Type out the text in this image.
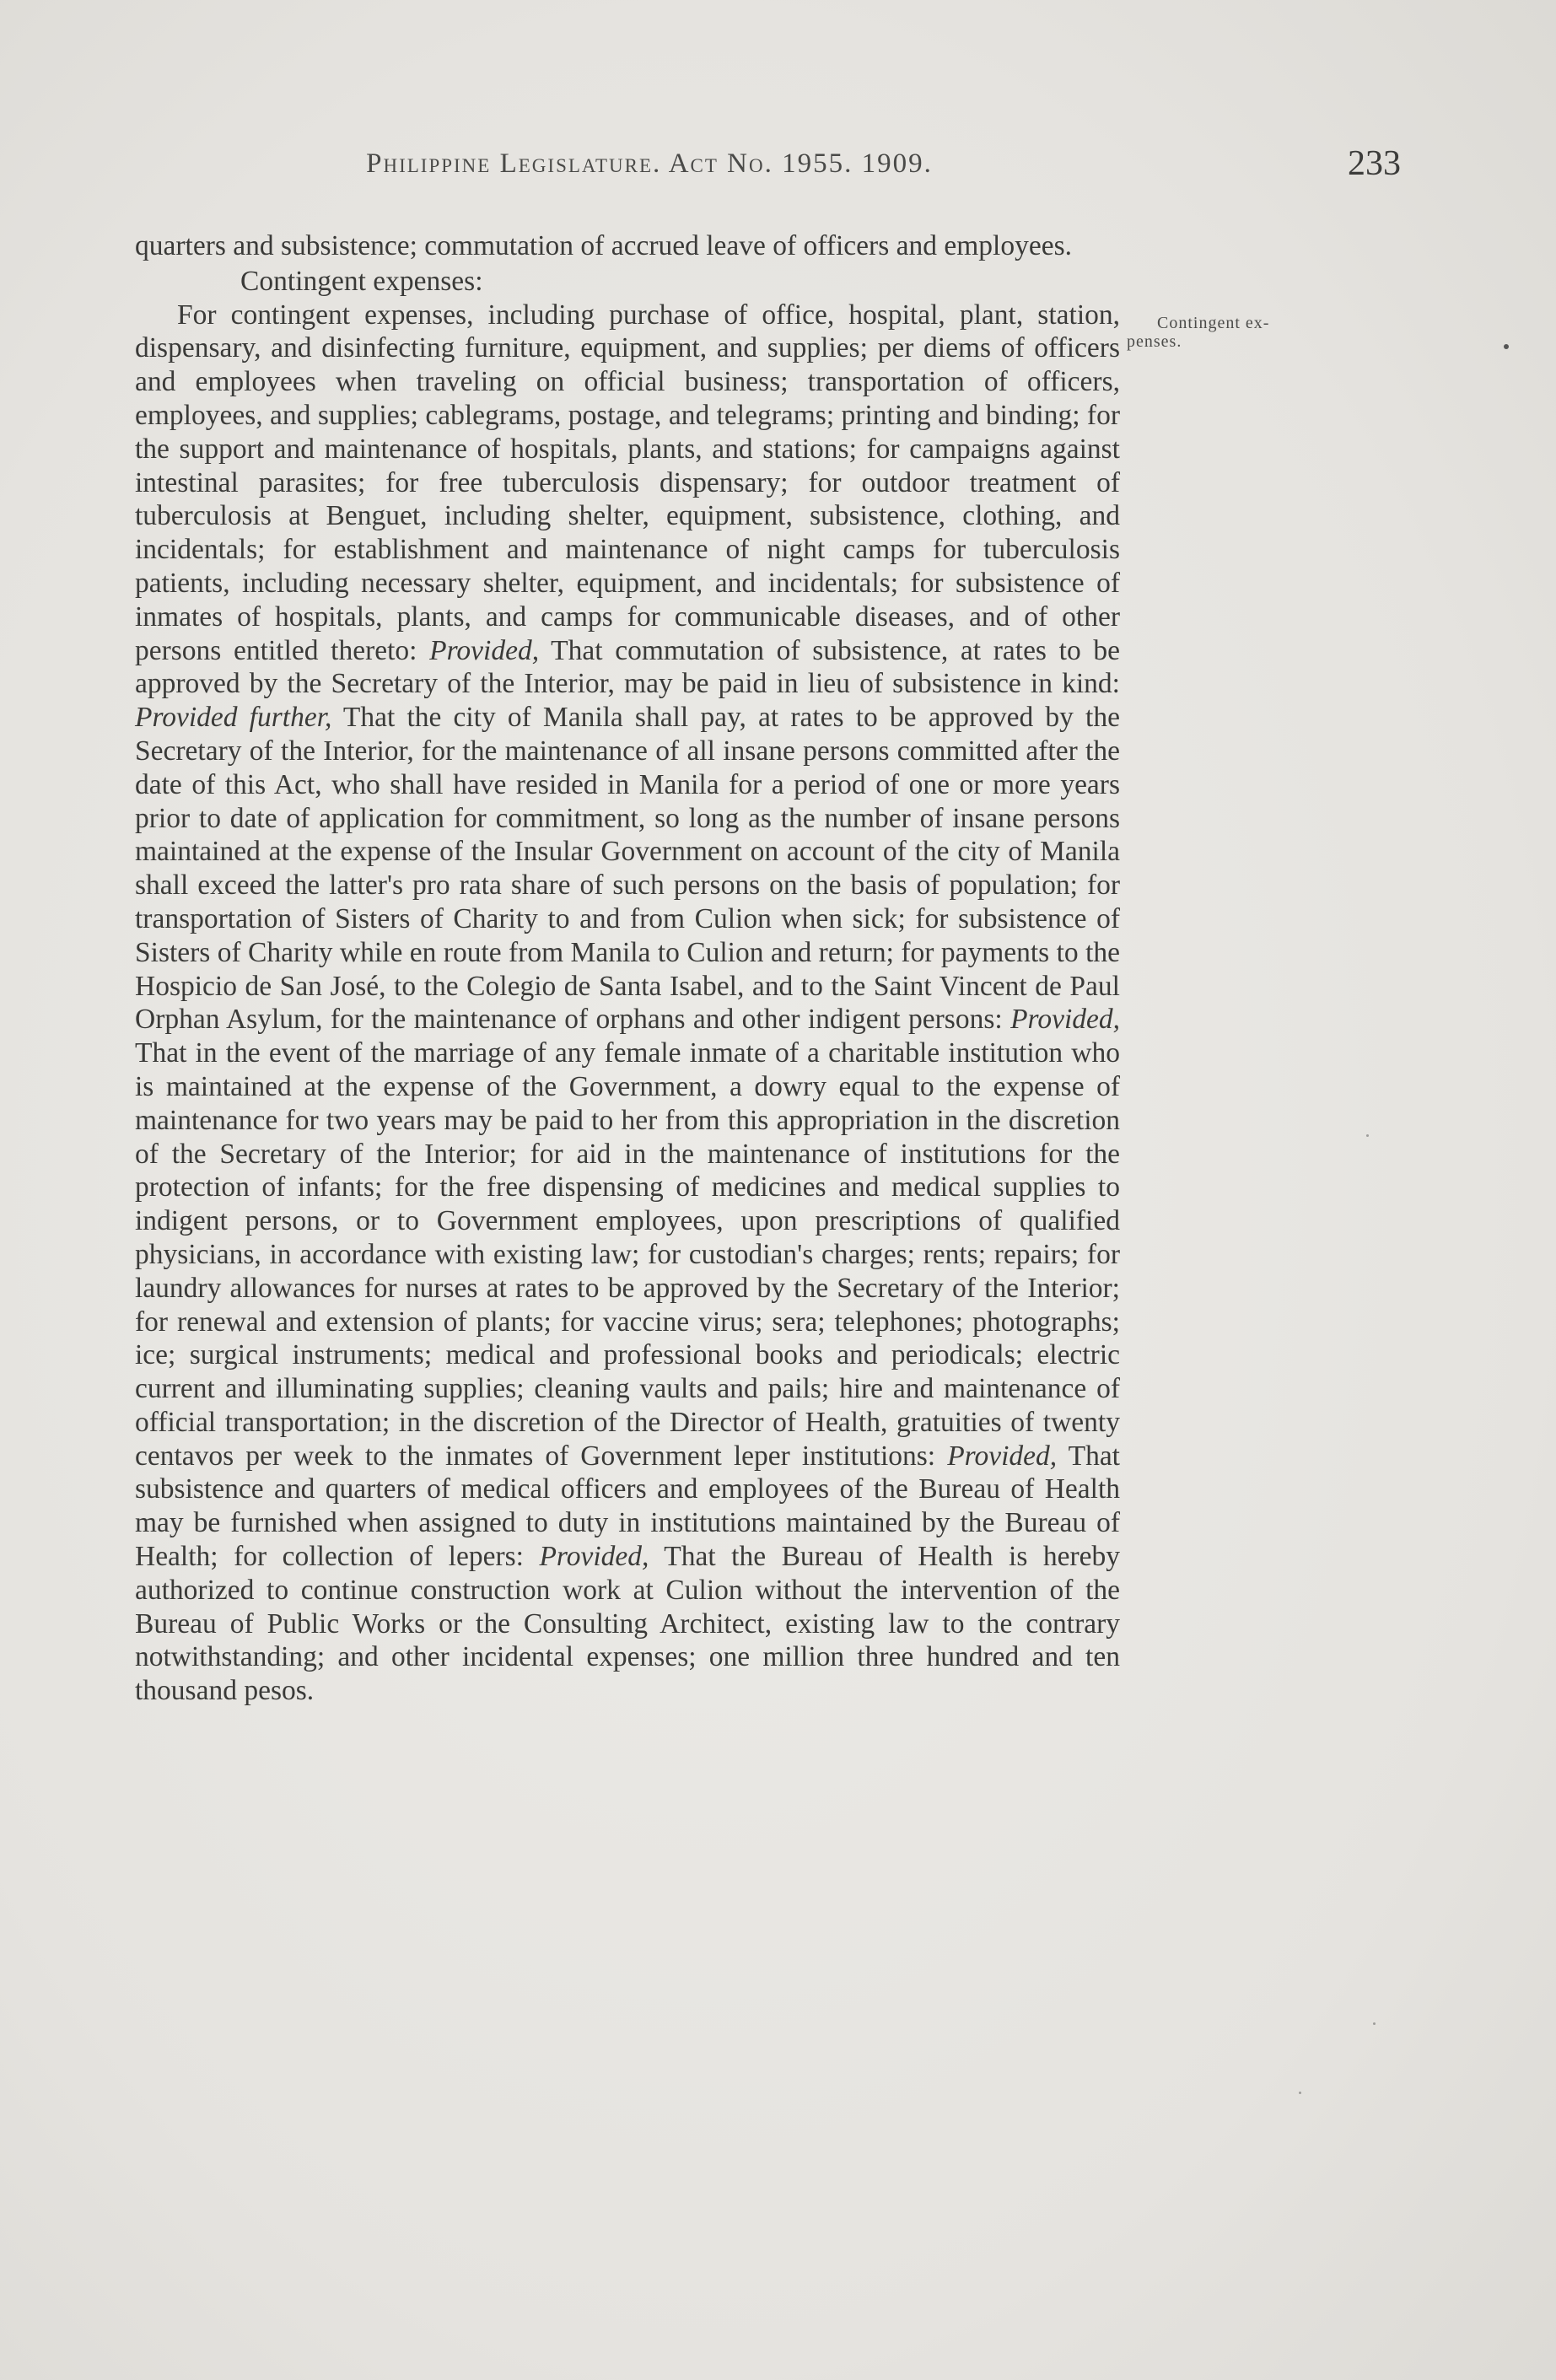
Philippine Legislature. Act No. 1955. 1909.	233
Contingent ex-
penses.

quarters and subsistence; commutation of accrued leave of officers and employees.

Contingent expenses:

For contingent expenses, including purchase of office, hospital, plant, station, dispensary, and disinfecting furniture, equipment, and supplies; per diems of officers and employees when traveling on official business; transportation of officers, employees, and supplies; cablegrams, postage, and telegrams; printing and binding; for the support and maintenance of hospitals, plants, and stations; for campaigns against intestinal parasites; for free tuberculosis dispensary; for outdoor treatment of tuberculosis at Benguet, including shelter, equipment, subsistence, clothing, and incidentals; for establishment and maintenance of night camps for tuberculosis patients, including necessary shelter, equipment, and incidentals; for subsistence of inmates of hospitals, plants, and camps for communicable diseases, and of other persons entitled thereto: Provided, That commutation of subsistence, at rates to be approved by the Secretary of the Interior, may be paid in lieu of subsistence in kind: Provided further, That the city of Manila shall pay, at rates to be approved by the Secretary of the Interior, for the maintenance of all insane persons committed after the date of this Act, who shall have resided in Manila for a period of one or more years prior to date of application for commitment, so long as the number of insane persons maintained at the expense of the Insular Government on account of the city of Manila shall exceed the latter's pro rata share of such persons on the basis of population; for transportation of Sisters of Charity to and from Culion when sick; for subsistence of Sisters of Charity while en route from Manila to Culion and return; for payments to the Hospicio de San José, to the Colegio de Santa Isabel, and to the Saint Vincent de Paul Orphan Asylum, for the maintenance of orphans and other indigent persons: Provided, That in the event of the marriage of any female inmate of a charitable institution who is maintained at the expense of the Government, a dowry equal to the expense of maintenance for two years may be paid to her from this appropriation in the discretion of the Secretary of the Interior; for aid in the maintenance of institutions for the protection of infants; for the free dispensing of medicines and medical supplies to indigent persons, or to Government employees, upon prescriptions of qualified physicians, in accordance with existing law; for custodian's charges; rents; repairs; for laundry allowances for nurses at rates to be approved by the Secretary of the Interior; for renewal and extension of plants; for vaccine virus; sera; telephones; photographs; ice; surgical instruments; medical and professional books and periodicals; electric current and illuminating supplies; cleaning vaults and pails; hire and maintenance of official transportation; in the discretion of the Director of Health, gratuities of twenty centavos per week to the inmates of Government leper institutions: Provided, That subsistence and quarters of medical officers and employees of the Bureau of Health may be furnished when assigned to duty in institutions maintained by the Bureau of Health; for collection of lepers: Provided, That the Bureau of Health is hereby authorized to continue construction work at Culion without the intervention of the Bureau of Public Works or the Consulting Architect, existing law to the contrary notwithstanding; and other incidental expenses; one million three hundred and ten thousand pesos.
